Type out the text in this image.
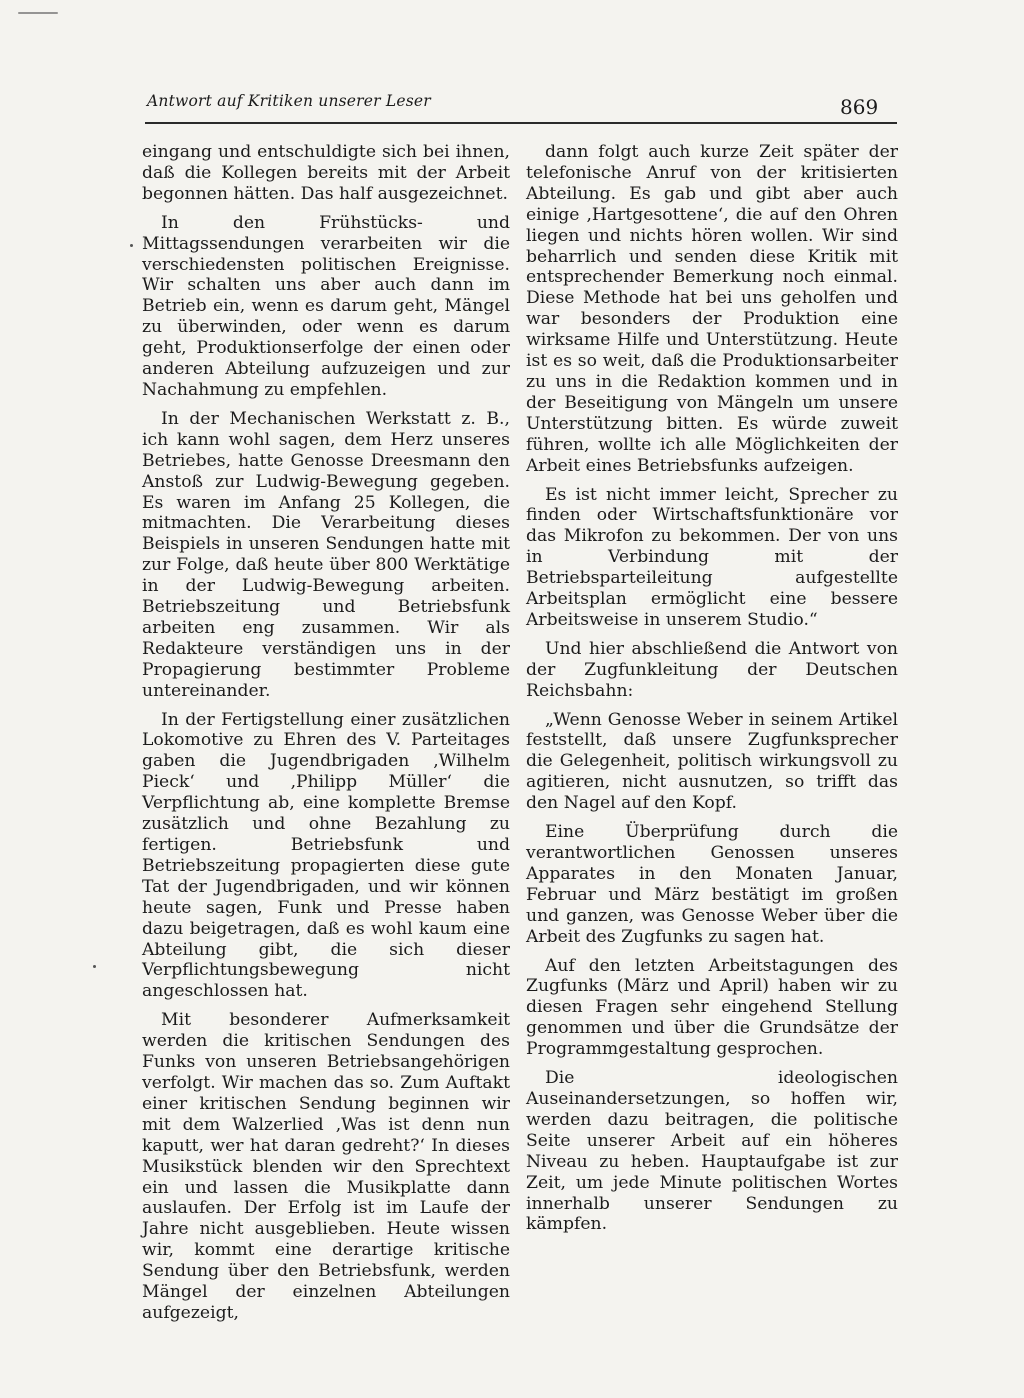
Antwort auf Kritiken unserer Leser	869

eingang und entschuldigte sich bei ihnen, daß die Kollegen bereits mit der Arbeit begonnen hätten. Das half ausgezeichnet.

In den Frühstücks- und Mittagssendungen verarbeiten wir die verschiedensten politischen Ereignisse. Wir schalten uns aber auch dann im Betrieb ein, wenn es darum geht, Mängel zu überwinden, oder wenn es darum geht, Produktionserfolge der einen oder anderen Abteilung aufzuzeigen und zur Nachahmung zu empfehlen.

In der Mechanischen Werkstatt z. B., ich kann wohl sagen, dem Herz unseres Betriebes, hatte Genosse Dreesmann den Anstoß zur Ludwig-Bewegung gegeben. Es waren im Anfang 25 Kollegen, die mitmachten. Die Verarbeitung dieses Beispiels in unseren Sendungen hatte mit zur Folge, daß heute über 800 Werktätige in der Ludwig-Bewegung arbeiten. Betriebszeitung und Betriebsfunk arbeiten eng zusammen. Wir als Redakteure verständigen uns in der Propagierung bestimmter Probleme untereinander.

In der Fertigstellung einer zusätzlichen Lokomotive zu Ehren des V. Parteitages gaben die Jugendbrigaden ‚Wilhelm Pieck‘ und ‚Philipp Müller‘ die Verpflichtung ab, eine komplette Bremse zusätzlich und ohne Bezahlung zu fertigen. Betriebsfunk und Betriebszeitung propagierten diese gute Tat der Jugendbrigaden, und wir können heute sagen, Funk und Presse haben dazu beigetragen, daß es wohl kaum eine Abteilung gibt, die sich dieser Verpflichtungsbewegung nicht angeschlossen hat.

Mit besonderer Aufmerksamkeit werden die kritischen Sendungen des Funks von unseren Betriebsangehörigen verfolgt. Wir machen das so. Zum Auftakt einer kritischen Sendung beginnen wir mit dem Walzerlied ‚Was ist denn nun kaputt, wer hat daran gedreht?‘ In dieses Musikstück blenden wir den Sprechtext ein und lassen die Musikplatte dann auslaufen. Der Erfolg ist im Laufe der Jahre nicht ausgeblieben. Heute wissen wir, kommt eine derartige kritische Sendung über den Betriebsfunk, werden Mängel der einzelnen Abteilungen aufgezeigt,

dann folgt auch kurze Zeit später der telefonische Anruf von der kritisierten Abteilung. Es gab und gibt aber auch einige ‚Hartgesottene‘, die auf den Ohren liegen und nichts hören wollen. Wir sind beharrlich und senden diese Kritik mit entsprechender Bemerkung noch einmal. Diese Methode hat bei uns geholfen und war besonders der Produktion eine wirksame Hilfe und Unterstützung. Heute ist es so weit, daß die Produktionsarbeiter zu uns in die Redaktion kommen und in der Beseitigung von Mängeln um unsere Unterstützung bitten. Es würde zuweit führen, wollte ich alle Möglichkeiten der Arbeit eines Betriebsfunks aufzeigen.

Es ist nicht immer leicht, Sprecher zu finden oder Wirtschaftsfunktionäre vor das Mikrofon zu bekommen. Der von uns in Verbindung mit der Betriebsparteileitung aufgestellte Arbeitsplan ermöglicht eine bessere Arbeitsweise in unserem Studio.“

Und hier abschließend die Antwort von der Zugfunkleitung der Deutschen Reichsbahn:

„Wenn Genosse Weber in seinem Artikel feststellt, daß unsere Zugfunksprecher die Gelegenheit, politisch wirkungsvoll zu agitieren, nicht ausnutzen, so trifft das den Nagel auf den Kopf.

Eine Überprüfung durch die verantwortlichen Genossen unseres Apparates in den Monaten Januar, Februar und März bestätigt im großen und ganzen, was Genosse Weber über die Arbeit des Zugfunks zu sagen hat.

Auf den letzten Arbeitstagungen des Zugfunks (März und April) haben wir zu diesen Fragen sehr eingehend Stellung genommen und über die Grundsätze der Programmgestaltung gesprochen.

Die ideologischen Auseinandersetzungen, so hoffen wir, werden dazu beitragen, die politische Seite unserer Arbeit auf ein höheres Niveau zu heben. Hauptaufgabe ist zur Zeit, um jede Minute politischen Wortes innerhalb unserer Sendungen zu kämpfen.
